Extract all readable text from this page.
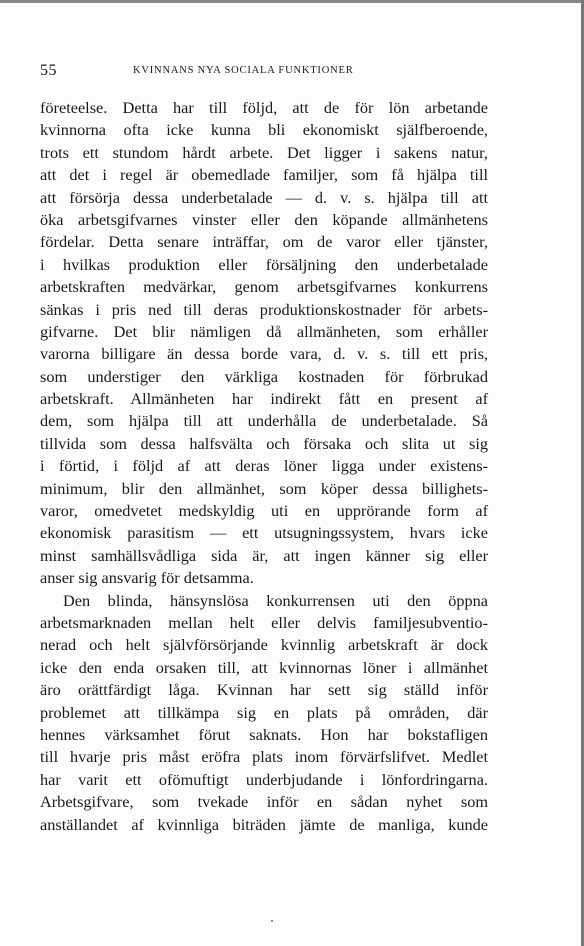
55	KVINNANS NYA SOCIALA FUNKTIONER
företeelse. Detta har till följd, att de för lön arbetande
kvinnorna ofta icke kunna bli ekonomiskt själfberoende,
trots ett stundom hårdt arbete. Det ligger i sakens natur,
att det i regel är obemedlade familjer, som få hjälpa till
att försörja dessa underbetalade — d. v. s. hjälpa till att
öka arbetsgifvarnes vinster eller den köpande allmänhetens
fördelar. Detta senare inträffar, om de varor eller tjänster,
i hvilkas produktion eller försäljning den underbetalade
arbetskraften medvärkar, genom arbetsgifvarnes konkurrens
sänkas i pris ned till deras produktionskostnader för arbets-
gifvarne. Det blir nämligen då allmänheten, som erhåller
varorna billigare än dessa borde vara, d. v. s. till ett pris,
som understiger den värkliga kostnaden för förbrukad
arbetskraft. Allmänheten har indirekt fått en present af
dem, som hjälpa till att underhålla de underbetalade. Så
tillvida som dessa halfsvälta och försaka och slita ut sig
i förtid, i följd af att deras löner ligga under existens-
minimum, blir den allmänhet, som köper dessa billighets-
varor, omedvetet medskyldig uti en upprörande form af
ekonomisk parasitism — ett utsugningssystem, hvars icke
minst samhällsvådliga sida är, att ingen känner sig eller
anser sig ansvarig för detsamma.
Den blinda, hänsynslösa konkurrensen uti den öppna
arbetsmarknaden mellan helt eller delvis familjesubventio-
nerad och helt självförsörjande kvinnlig arbetskraft är dock
icke den enda orsaken till, att kvinnornas löner i allmänhet
äro orättfärdigt låga. Kvinnan har sett sig ställd inför
problemet att tillkämpa sig en plats på områden, där
hennes värksamhet förut saknats. Hon har bokstafligen
till hvarje pris måst eröfra plats inom förvärfslifvet. Medlet
har varit ett ofömuftigt underbjudande i lönfordringarna.
Arbetsgifvare, som tvekade inför en sådan nyhet som
anställandet af kvinnliga biträden jämte de manliga, kunde
